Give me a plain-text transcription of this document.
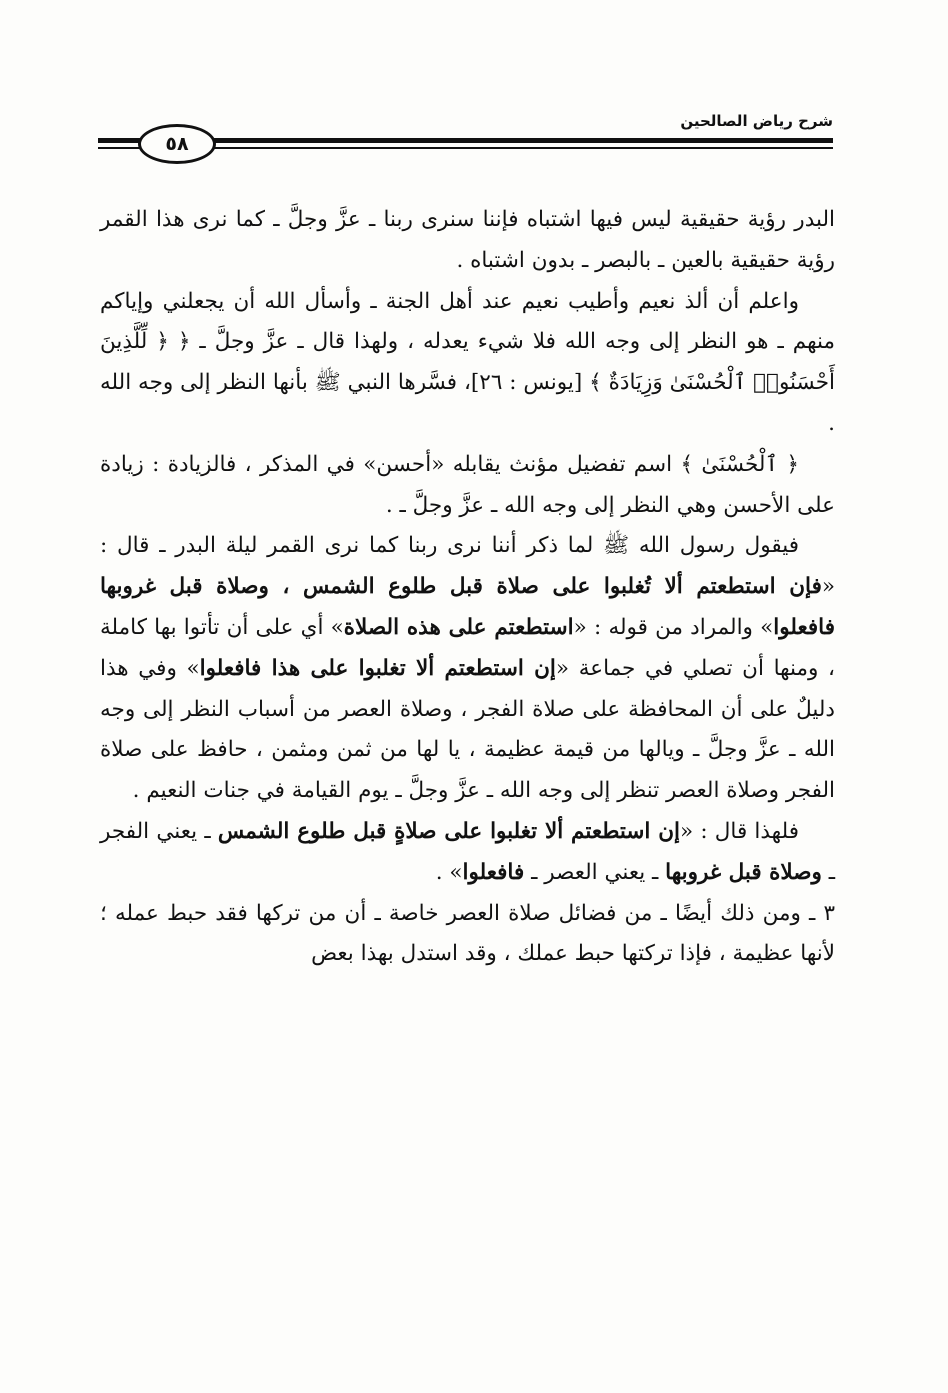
شرح رياض الصالحين
٥٨

البدر رؤية حقيقية ليس فيها اشتباه فإننا سنرى ربنا ـ عزَّ وجلَّ ـ كما نرى هذا القمر رؤية حقيقية بالعين ـ بالبصر ـ بدون اشتباه .

واعلم أن ألذ نعيم وأطيب نعيم عند أهل الجنة ـ وأسأل الله أن يجعلني وإياكم منهم ـ هو النظر إلى وجه الله فلا شيء يعدله ، ولهذا قال ـ عزَّ وجلَّ ـ ﴿ ﴿ لِّلَّذِينَ أَحْسَنُوا۟ ٱلْحُسْنَىٰ وَزِيَادَةٌ ﴾ [يونس : ٢٦]، فسَّرها النبي ﷺ بأنها النظر إلى وجه الله .

﴿ ٱلْحُسْنَىٰ ﴾ اسم تفضيل مؤنث يقابله «أحسن» في المذكر ، فالزيادة : زيادة على الأحسن وهي النظر إلى وجه الله ـ عزَّ وجلَّ ـ .

فيقول رسول الله ﷺ لما ذكر أننا نرى ربنا كما نرى القمر ليلة البدر ـ قال : «فإن استطعتم ألا تُغلبوا على صلاة قبل طلوع الشمس ، وصلاة قبل غروبها فافعلوا» والمراد من قوله : «استطعتم على هذه الصلاة» أي على أن تأتوا بها كاملة ، ومنها أن تصلي في جماعة «إن استطعتم ألا تغلبوا على هذا فافعلوا» وفي هذا دليلٌ على أن المحافظة على صلاة الفجر ، وصلاة العصر من أسباب النظر إلى وجه الله ـ عزَّ وجلَّ ـ ويالها من قيمة عظيمة ، يا لها من ثمن ومثمن ، حافظ على صلاة الفجر وصلاة العصر تنظر إلى وجه الله ـ عزَّ وجلَّ ـ يوم القيامة في جنات النعيم .

فلهذا قال : «إن استطعتم ألا تغلبوا على صلاةٍ قبل طلوع الشمس ـ يعني الفجر ـ وصلاة قبل غروبها ـ يعني العصر ـ فافعلوا» .

٣ ـ ومن ذلك أيضًا ـ من فضائل صلاة العصر خاصة ـ أن من تركها فقد حبط عمله ؛ لأنها عظيمة ، فإذا تركتها حبط عملك ، وقد استدل بهذا بعض
